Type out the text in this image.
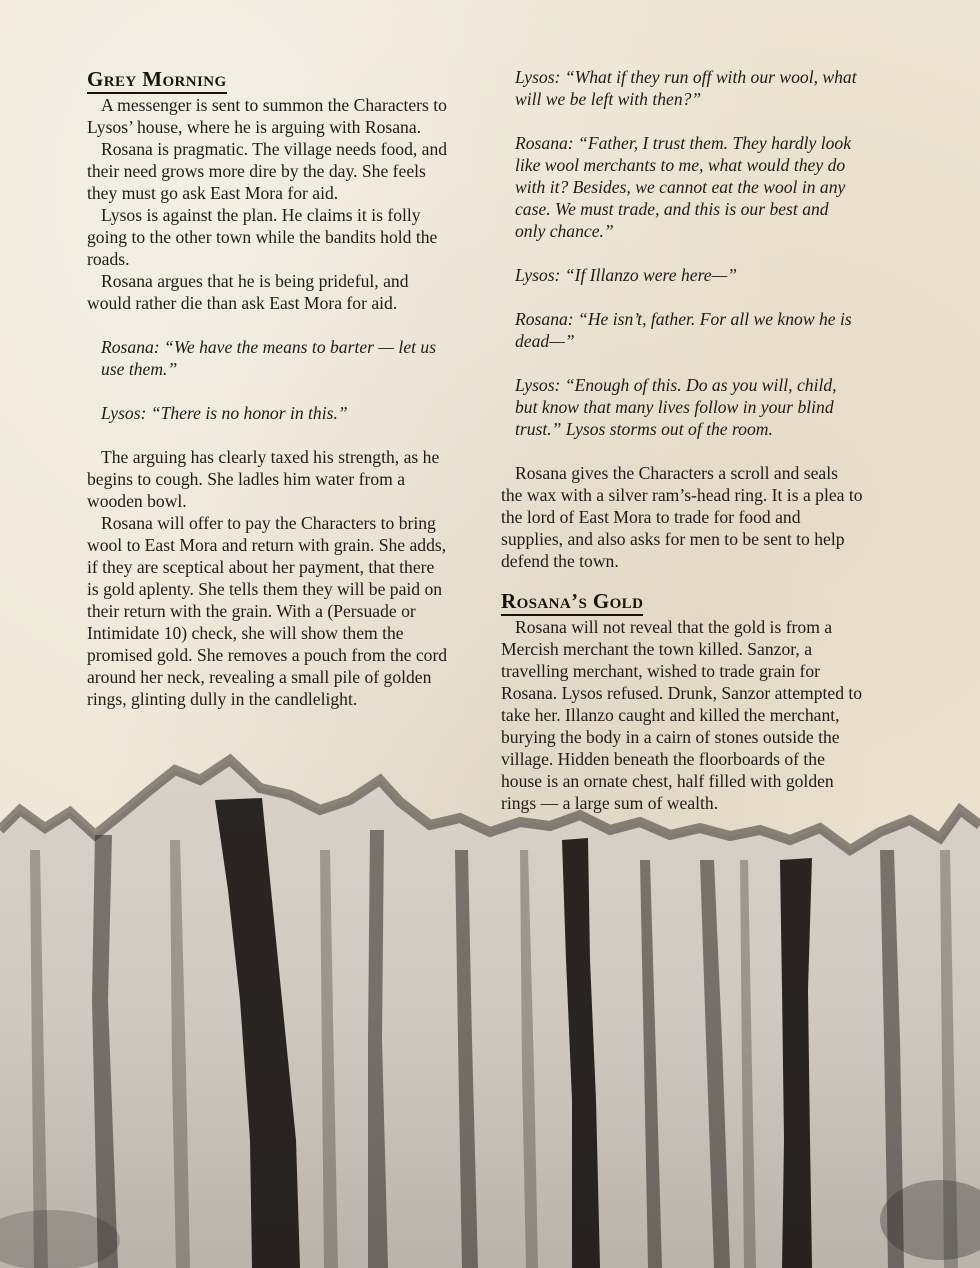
Grey Morning

A messenger is sent to summon the Characters to Lysos’ house, where he is arguing with Rosana.

Rosana is pragmatic. The village needs food, and their need grows more dire by the day. She feels they must go ask East Mora for aid.

Lysos is against the plan. He claims it is folly going to the other town while the bandits hold the roads.

Rosana argues that he is being prideful, and would rather die than ask East Mora for aid.

Rosana: “We have the means to barter — let us use them.”

Lysos: “There is no honor in this.”

The arguing has clearly taxed his strength, as he begins to cough. She ladles him water from a wooden bowl.

Rosana will offer to pay the Characters to bring wool to East Mora and return with grain. She adds, if they are sceptical about her payment, that there is gold aplenty. She tells them they will be paid on their return with the grain. With a (Persuade or Intimidate 10) check, she will show them the promised gold. She removes a pouch from the cord around her neck, revealing a small pile of golden rings, glinting dully in the candlelight.

Lysos: “What if they run off with our wool, what will we be left with then?”

Rosana: “Father, I trust them. They hardly look like wool merchants to me, what would they do with it? Besides, we cannot eat the wool in any case. We must trade, and this is our best and only chance.”

Lysos: “If Illanzo were here—”

Rosana: “He isn’t, father. For all we know he is dead—”

Lysos: “Enough of this. Do as you will, child, but know that many lives follow in your blind trust.” Lysos storms out of the room.

Rosana gives the Characters a scroll and seals the wax with a silver ram’s-head ring. It is a plea to the lord of East Mora to trade for food and supplies, and also asks for men to be sent to help defend the town.

Rosana’s Gold

Rosana will not reveal that the gold is from a Mercish merchant the town killed. Sanzor, a travelling merchant, wished to trade grain for Rosana. Lysos refused. Drunk, Sanzor attempted to take her. Illanzo caught and killed the merchant, burying the body in a cairn of stones outside the village. Hidden beneath the floorboards of the house is an ornate chest, half filled with golden rings — a large sum of wealth.
